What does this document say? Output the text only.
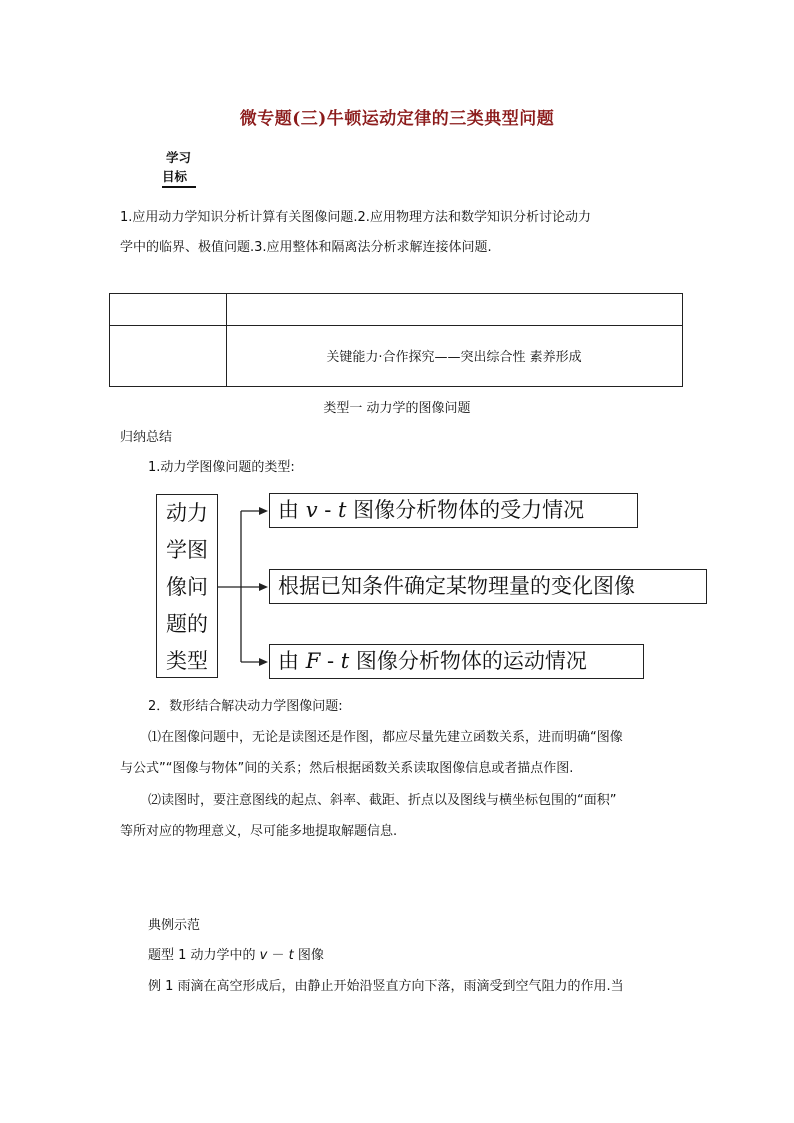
微专题(三)牛顿运动定律的三类典型问题
学习
目标
1.应用动力学知识分析计算有关图像问题.2.应用物理方法和数学知识分析讨论动力
学中的临界、极值问题.3.应用整体和隔离法分析求解连接体问题.
关键能力·合作探究——突出综合性 素养形成
类型一 动力学的图像问题
归纳总结
1.动力学图像问题的类型:
动力
学图
像问
题的
类型
由 v - t 图像分析物体的受力情况
根据已知条件确定某物理量的变化图像
由 F - t 图像分析物体的运动情况
2．数形结合解决动力学图像问题:
⑴在图像问题中，无论是读图还是作图，都应尽量先建立函数关系，进而明确“图像
与公式”“图像与物体”间的关系；然后根据函数关系读取图像信息或者描点作图.
⑵读图时，要注意图线的起点、斜率、截距、折点以及图线与横坐标包围的“面积”
等所对应的物理意义，尽可能多地提取解题信息.
典例示范
题型 1 动力学中的 v － t 图像
例 1 雨滴在高空形成后，由静止开始沿竖直方向下落，雨滴受到空气阻力的作用.当
